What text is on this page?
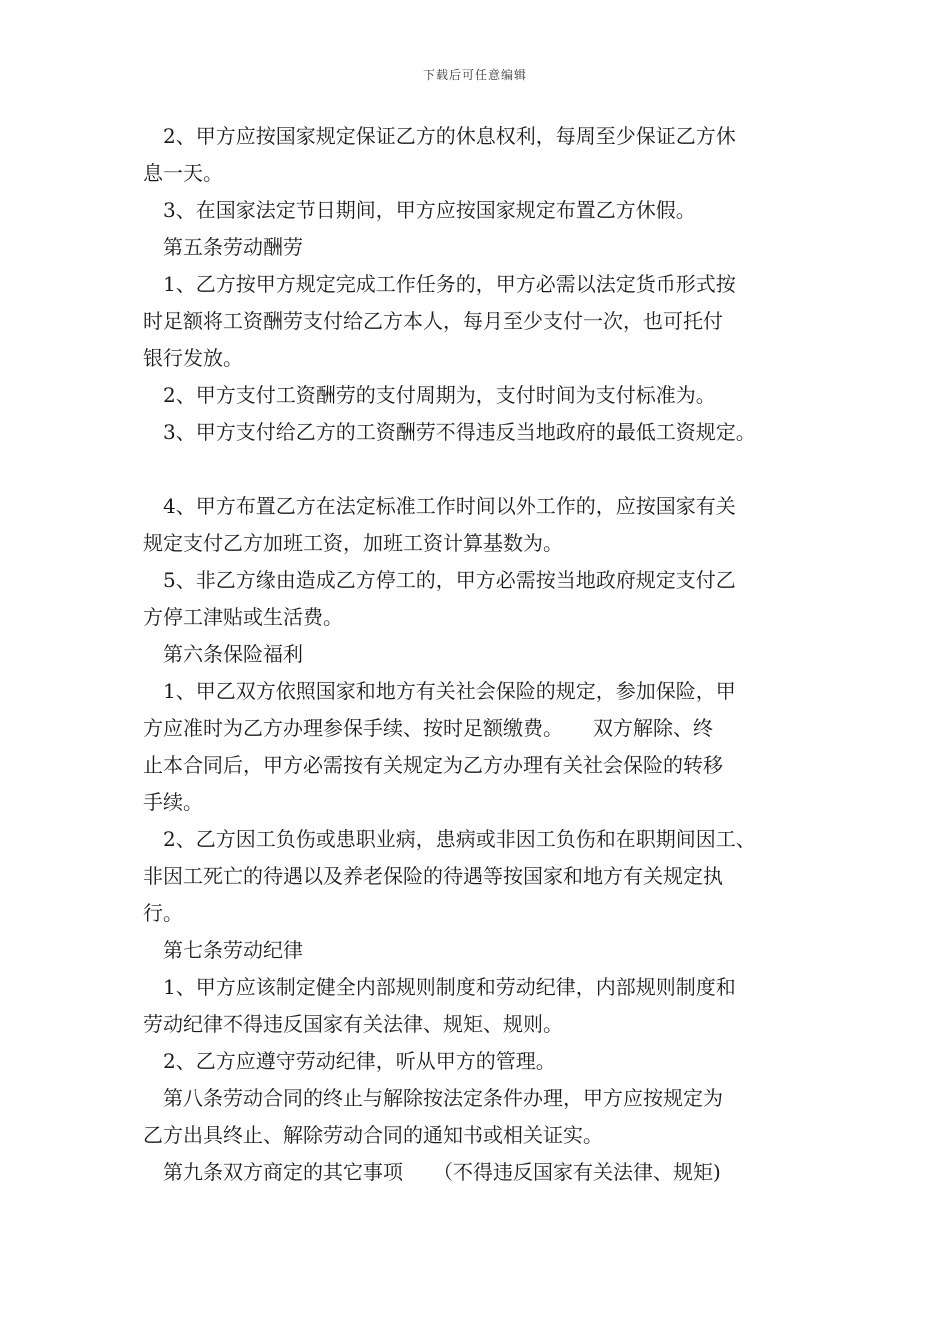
下载后可任意编辑

2、甲方应按国家规定保证乙方的休息权利，每周至少保证乙方休

息一天。

3、在国家法定节日期间，甲方应按国家规定布置乙方休假。

第五条劳动酬劳

1、乙方按甲方规定完成工作任务的，甲方必需以法定货币形式按

时足额将工资酬劳支付给乙方本人，每月至少支付一次，也可托付

银行发放。

2、甲方支付工资酬劳的支付周期为，支付时间为支付标准为。

3、甲方支付给乙方的工资酬劳不得违反当地政府的最低工资规定。

4、甲方布置乙方在法定标准工作时间以外工作的，应按国家有关

规定支付乙方加班工资，加班工资计算基数为。

5、非乙方缘由造成乙方停工的，甲方必需按当地政府规定支付乙

方停工津贴或生活费。

第六条保险福利

1、甲乙双方依照国家和地方有关社会保险的规定，参加保险，甲

方应准时为乙方办理参保手续、按时足额缴费。　　双方解除、终

止本合同后，甲方必需按有关规定为乙方办理有关社会保险的转移

手续。

2、乙方因工负伤或患职业病，患病或非因工负伤和在职期间因工、

非因工死亡的待遇以及养老保险的待遇等按国家和地方有关规定执

行。

第七条劳动纪律

1、甲方应该制定健全内部规则制度和劳动纪律，内部规则制度和

劳动纪律不得违反国家有关法律、规矩、规则。

2、乙方应遵守劳动纪律，听从甲方的管理。

第八条劳动合同的终止与解除按法定条件办理，甲方应按规定为

乙方出具终止、解除劳动合同的通知书或相关证实。

第九条双方商定的其它事项　　（不得违反国家有关法律、规矩)
